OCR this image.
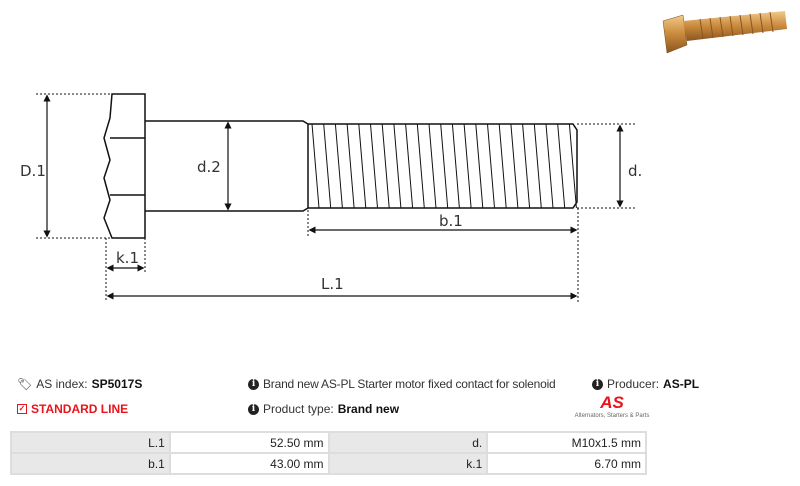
D.1	d.2	d.
b.1
k.1
L.1
🏷 AS index: SP5017S
✓ STANDARD LINE
i Brand new AS-PL Starter motor fixed contact for solenoid	i Producer: AS-PL
i Product type: Brand new	AS
Alternators, Starters & Parts
L.1	52.50 mm	d.	M10x1.5 mm
b.1	43.00 mm	k.1	6.70 mm
